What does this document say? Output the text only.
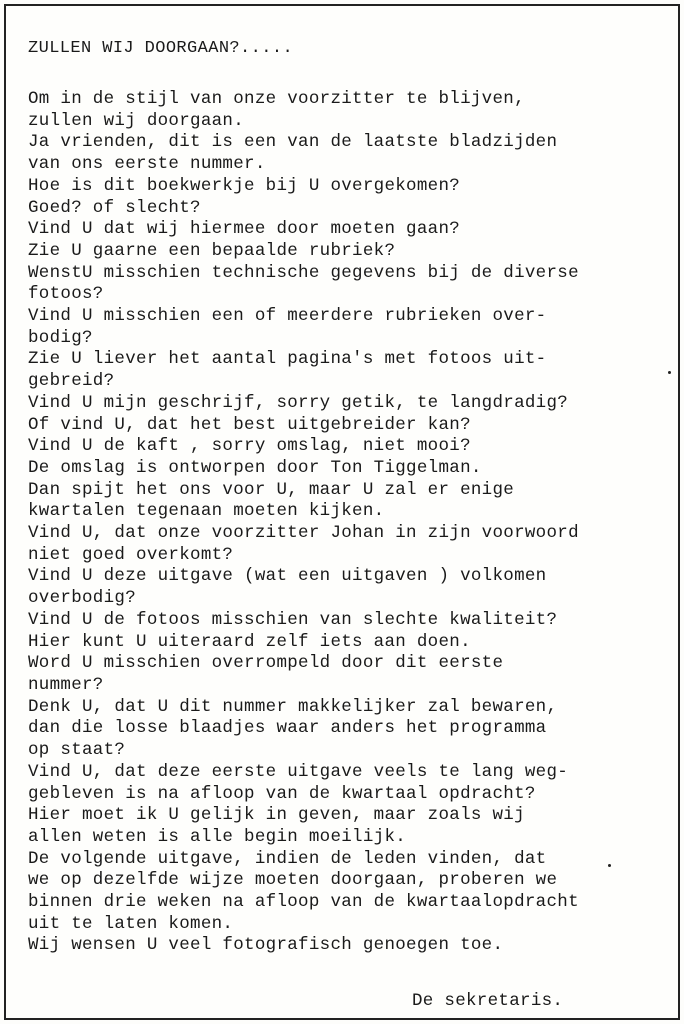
ZULLEN WIJ DOORGAAN?.....
Om in de stijl van onze voorzitter te blijven,
zullen wij doorgaan.
Ja vrienden, dit is een van de laatste bladzijden
van ons eerste nummer.
Hoe is dit boekwerkje bij U overgekomen?
Goed? of slecht?
Vind U dat wij hiermee door moeten gaan?
Zie U gaarne een bepaalde rubriek?
WenstU misschien technische gegevens bij de diverse
fotoos?
Vind U misschien een of meerdere rubrieken over-
bodig?
Zie U liever het aantal pagina's met fotoos uit-
gebreid?
Vind U mijn geschrijf, sorry getik, te langdradig?
Of vind U, dat het best uitgebreider kan?
Vind U de kaft , sorry omslag, niet mooi?
De omslag is ontworpen door Ton Tiggelman.
Dan spijt het ons voor U, maar U zal er enige
kwartalen tegenaan moeten kijken.
Vind U, dat onze voorzitter Johan in zijn voorwoord
niet goed overkomt?
Vind U deze uitgave (wat een uitgaven ) volkomen
overbodig?
Vind U de fotoos misschien van slechte kwaliteit?
Hier kunt U uiteraard zelf iets aan doen.
Word U misschien overrompeld door dit eerste
nummer?
Denk U, dat U dit nummer makkelijker zal bewaren,
dan die losse blaadjes waar anders het programma
op staat?
Vind U, dat deze eerste uitgave veels te lang weg-
gebleven is na afloop van de kwartaal opdracht?
Hier moet ik U gelijk in geven, maar zoals wij
allen weten is alle begin moeilijk.
De volgende uitgave, indien de leden vinden, dat
we op dezelfde wijze moeten doorgaan, proberen we
binnen drie weken na afloop van de kwartaalopdracht
uit te laten komen.
Wij wensen U veel fotografisch genoegen toe.
De sekretaris.
